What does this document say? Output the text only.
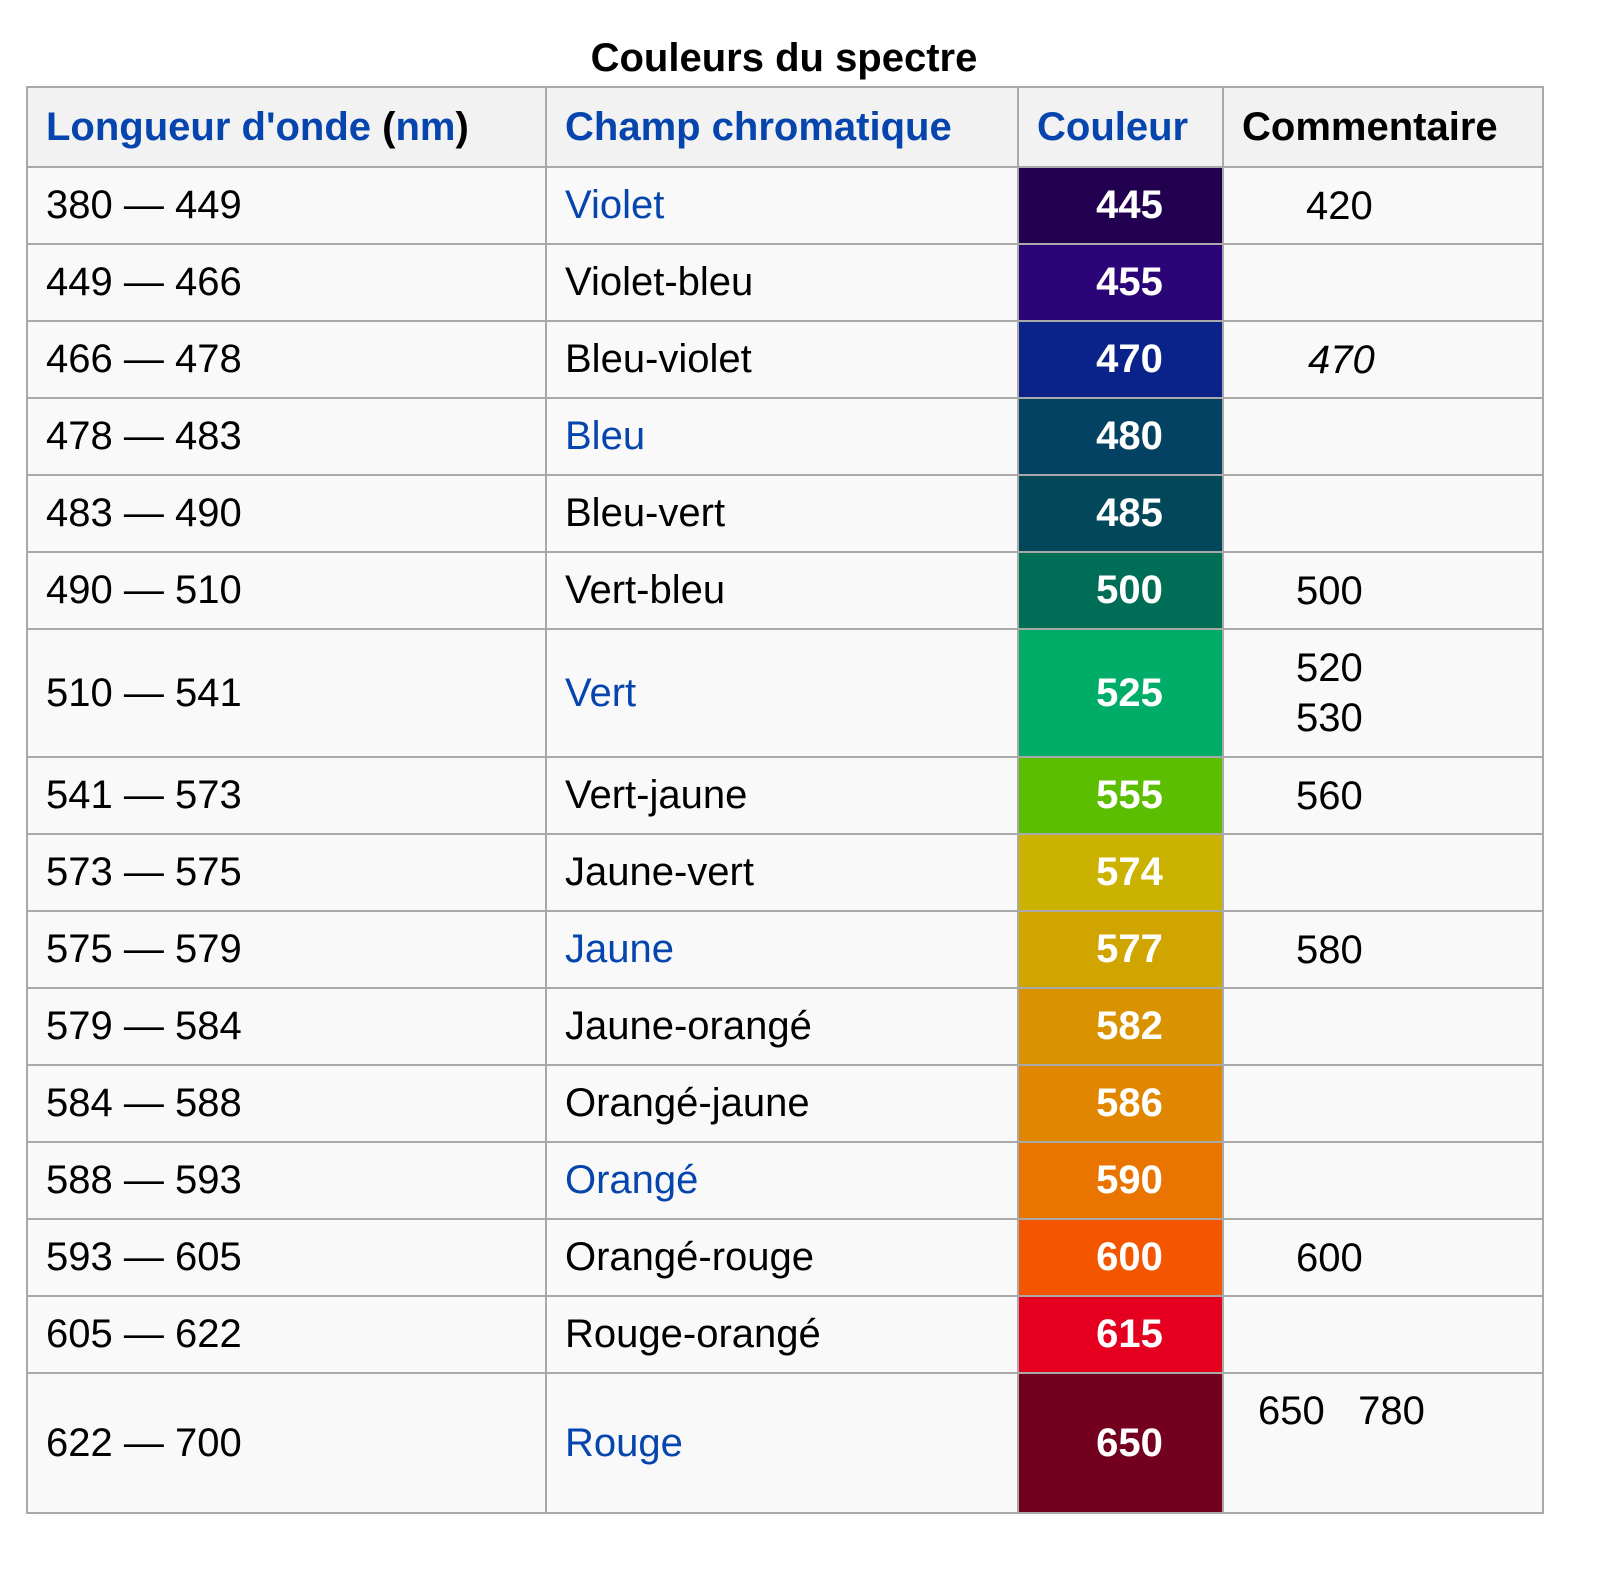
Couleurs du spectre
Longueur d'onde (nm)	Champ chromatique	Couleur	Commentaire
380 — 449	Violet	445	420

449 — 466	Violet-bleu	455	
466 — 478	Bleu-violet	470	470

478 — 483	Bleu	480	
483 — 490	Bleu-vert	485	
490 — 510	Vert-bleu	500	500

510 — 541	Vert	525	520
530

541 — 573	Vert-jaune	555	560

573 — 575	Jaune-vert	574	
575 — 579	Jaune	577	580

579 — 584	Jaune-orangé	582	
584 — 588	Orangé-jaune	586	
588 — 593	Orangé	590	
593 — 605	Orangé-rouge	600	600

605 — 622	Rouge-orangé	615	
622 — 700	Rouge	650	650   780
